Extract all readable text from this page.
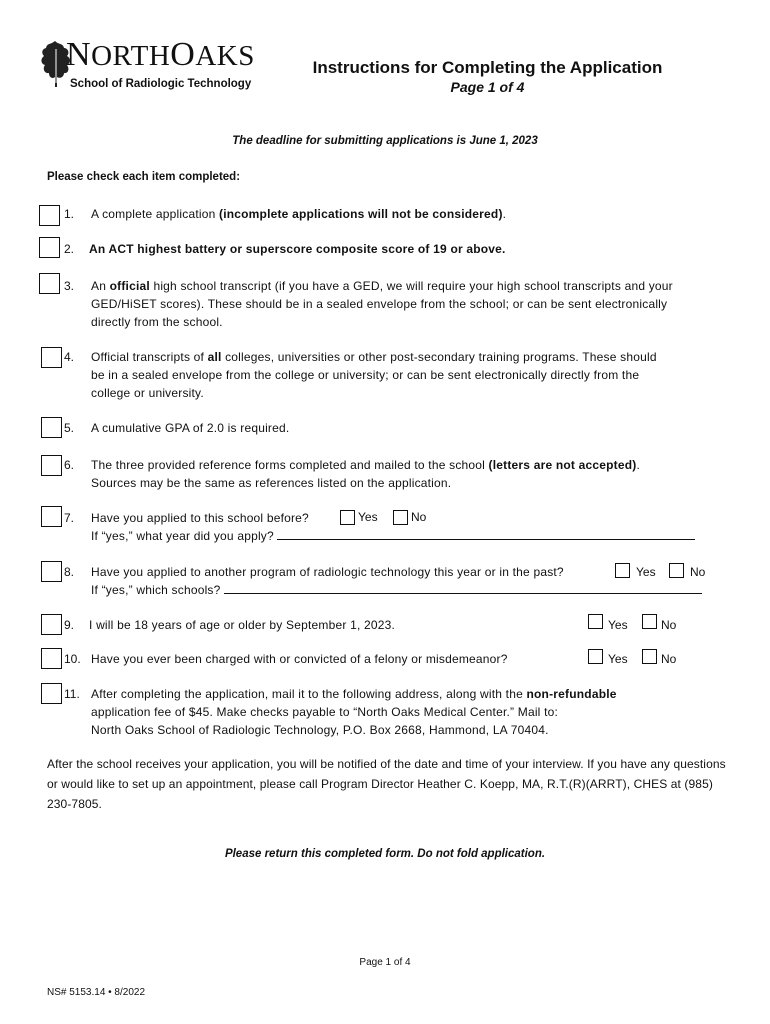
NORTHOAKS
School of Radiologic Technology
Instructions for Completing the Application
Page 1 of 4
The deadline for submitting applications is June 1, 2023
Please check each item completed:
1. A complete application (incomplete applications will not be considered).
2. An ACT highest battery or superscore composite score of 19 or above.
3. An official high school transcript (if you have a GED, we will require your high school transcripts and your
GED/HiSET scores). These should be in a sealed envelope from the school; or can be sent electronically
directly from the school.
4. Official transcripts of all colleges, universities or other post-secondary training programs. These should
be in a sealed envelope from the college or university; or can be sent electronically directly from the
college or university.
5. A cumulative GPA of 2.0 is required.
6. The three provided reference forms completed and mailed to the school (letters are not accepted).
Sources may be the same as references listed on the application.
7. Have you applied to this school before?	Yes	No
If “yes,” what year did you apply?
8. Have you applied to another program of radiologic technology this year or in the past?	Yes	No
If “yes,” which schools?
9. I will be 18 years of age or older by September 1, 2023.	Yes	No
10. Have you ever been charged with or convicted of a felony or misdemeanor?	Yes	No
11. After completing the application, mail it to the following address, along with the non-refundable
application fee of $45. Make checks payable to “North Oaks Medical Center.” Mail to:
North Oaks School of Radiologic Technology, P.O. Box 2668, Hammond, LA 70404.
After the school receives your application, you will be notified of the date and time of your interview. If you have any questions or would like to set up an appointment, please call Program Director Heather C. Koepp, MA, R.T.(R)(ARRT), CHES at (985) 230-7805.
Please return this completed form. Do not fold application.
Page 1 of 4
NS# 5153.14 • 8/2022
